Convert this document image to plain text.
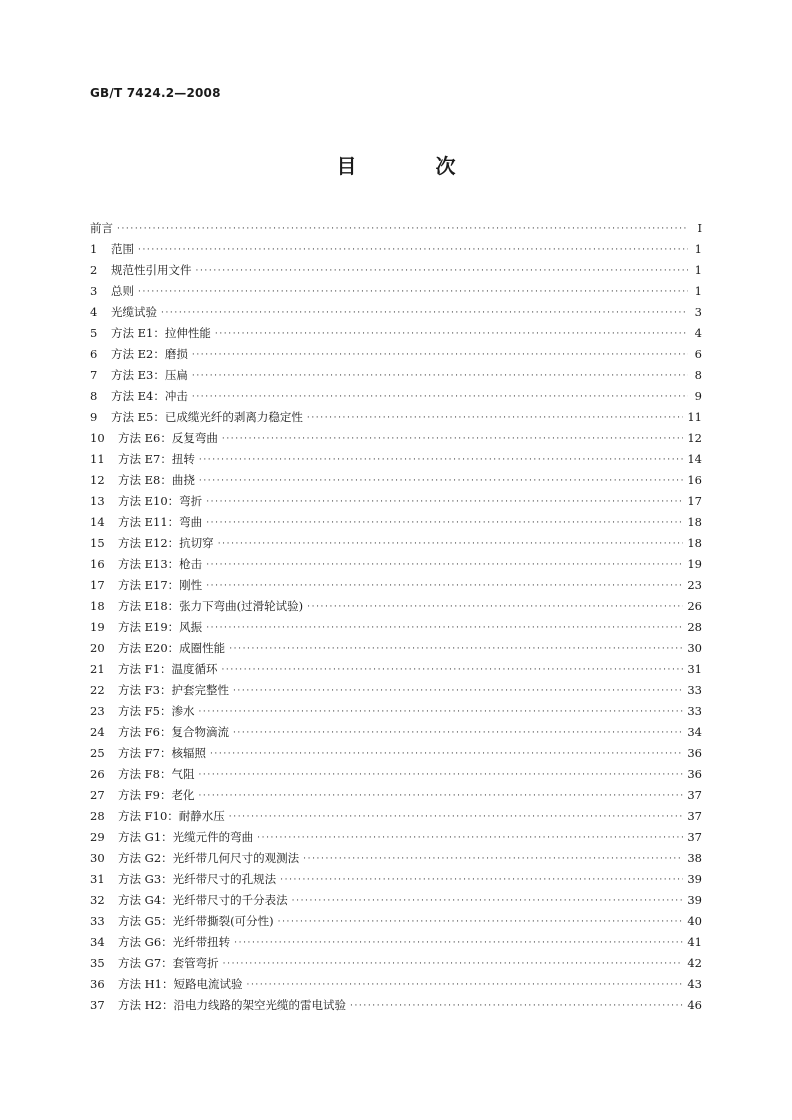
GB/T 7424.2—2008
目 次
前言 ·····	Ⅰ
1	范围 ·····	1
2	规范性引用文件 ·····	1
3	总则 ·····	1
4	光缆试验 ·····	3
5	方法 E1：拉伸性能 ·····	4
6	方法 E2：磨损 ·····	6
7	方法 E3：压扁 ·····	8
8	方法 E4：冲击 ·····	9
9	方法 E5：已成缆光纤的剥离力稳定性 ·····	11
10	方法 E6：反复弯曲 ·····	12
11	方法 E7：扭转 ·····	14
12	方法 E8：曲挠 ·····	16
13	方法 E10：弯折 ·····	17
14	方法 E11：弯曲 ·····	18
15	方法 E12：抗切穿 ·····	18
16	方法 E13：枪击 ·····	19
17	方法 E17：刚性 ·····	23
18	方法 E18：张力下弯曲(过滑轮试验) ·····	26
19	方法 E19：风振 ·····	28
20	方法 E20：成圈性能 ·····	30
21	方法 F1：温度循环 ·····	31
22	方法 F3：护套完整性 ·····	33
23	方法 F5：渗水 ·····	33
24	方法 F6：复合物滴流 ·····	34
25	方法 F7：核辐照 ·····	36
26	方法 F8：气阻 ·····	36
27	方法 F9：老化 ·····	37
28	方法 F10：耐静水压 ·····	37
29	方法 G1：光缆元件的弯曲 ·····	37
30	方法 G2：光纤带几何尺寸的观测法 ·····	38
31	方法 G3：光纤带尺寸的孔规法 ·····	39
32	方法 G4：光纤带尺寸的千分表法 ·····	39
33	方法 G5：光纤带撕裂(可分性) ·····	40
34	方法 G6：光纤带扭转 ·····	41
35	方法 G7：套管弯折 ·····	42
36	方法 H1：短路电流试验 ·····	43
37	方法 H2：沿电力线路的架空光缆的雷电试验 ·····	46
